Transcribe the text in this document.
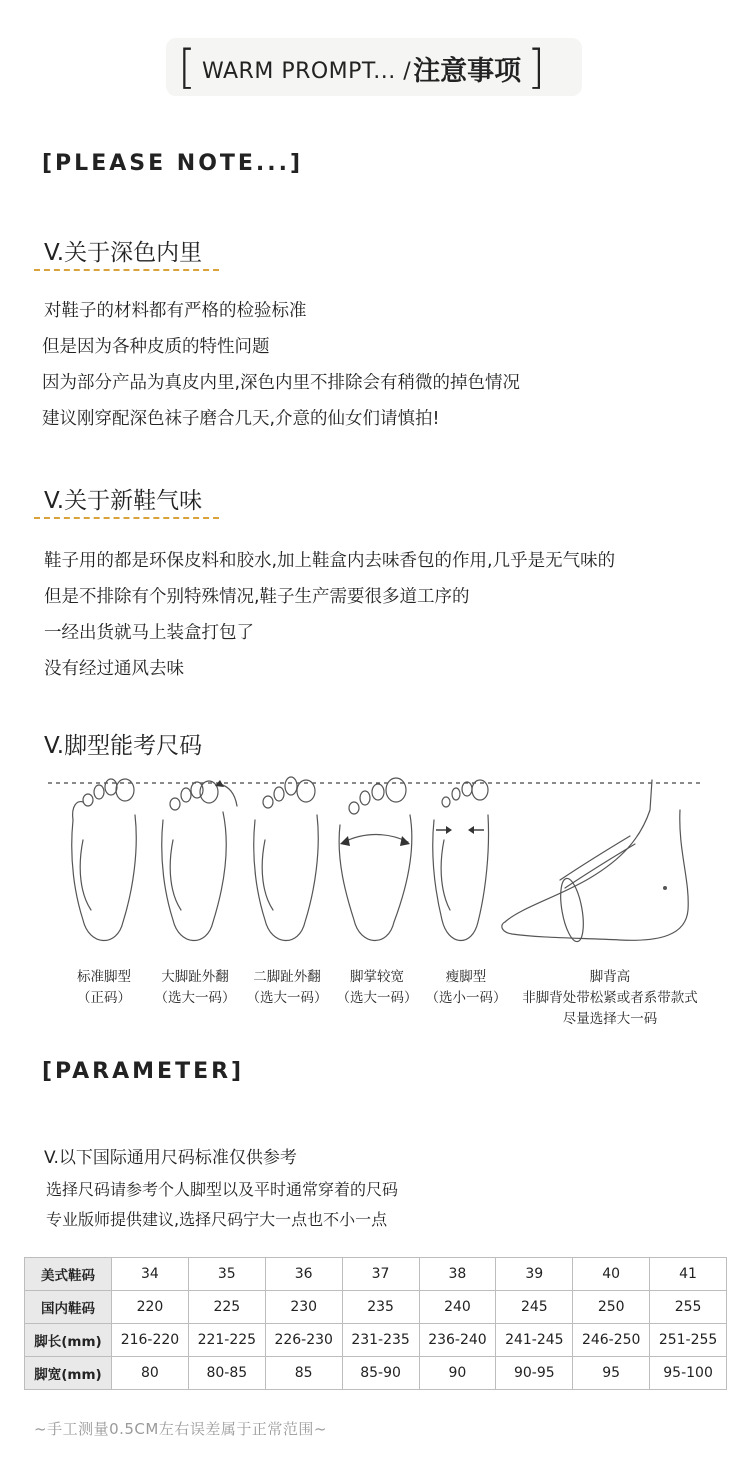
[ WARM PROMPT... / 注意事项 ]
[PLEASE NOTE...]
V.关于深色内里
对鞋子的材料都有严格的检验标准
但是因为各种皮质的特性问题
因为部分产品为真皮内里,深色内里不排除会有稍微的掉色情况
建议刚穿配深色袜子磨合几天,介意的仙女们请慎拍!
V.关于新鞋气味
鞋子用的都是环保皮料和胶水,加上鞋盒内去味香包的作用,几乎是无气味的
但是不排除有个别特殊情况,鞋子生产需要很多道工序的
一经出货就马上装盒打包了
没有经过通风去味
V.脚型能考尺码
标准脚型
（正码）
大脚趾外翻
（选大一码）
二脚趾外翻
（选大一码）
脚掌较宽
（选大一码）
瘦脚型
（选小一码）
脚背高
非脚背处带松紧或者系带款式
尽量选择大一码
[PARAMETER]
V.以下国际通用尺码标准仅供参考
选择尺码请参考个人脚型以及平时通常穿着的尺码
专业版师提供建议,选择尺码宁大一点也不小一点
美式鞋码	34	35	36	37	38	39	40	41
国内鞋码	220	225	230	235	240	245	250	255
脚长(mm)	216-220	221-225	226-230	231-235	236-240	241-245	246-250	251-255
脚宽(mm)	80	80-85	85	85-90	90	90-95	95	95-100
~手工测量0.5CM左右误差属于正常范围~
